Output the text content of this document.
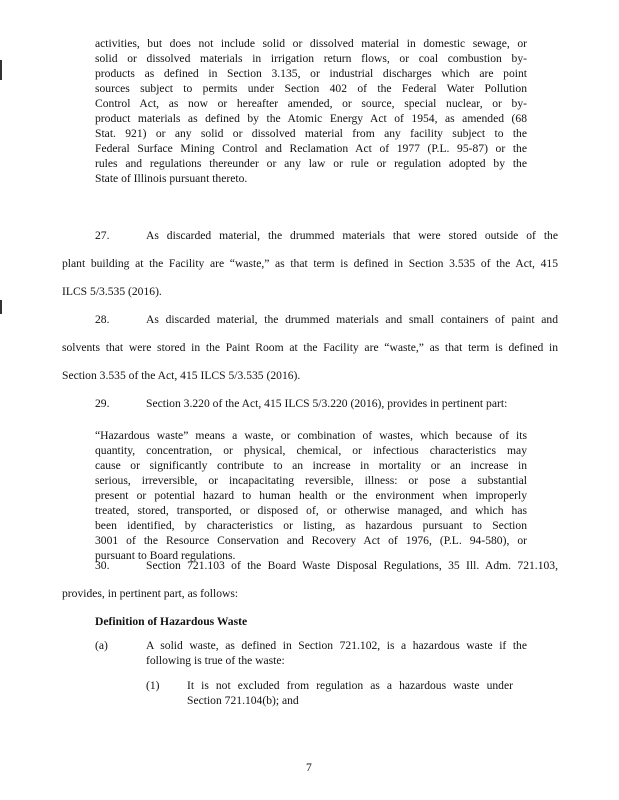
activities, but does not include solid or dissolved material in domestic sewage, or
solid or dissolved materials in irrigation return flows, or coal combustion by-
products as defined in Section 3.135, or industrial discharges which are point
sources subject to permits under Section 402 of the Federal Water Pollution
Control Act, as now or hereafter amended, or source, special nuclear, or by-
product materials as defined by the Atomic Energy Act of 1954, as amended (68
Stat. 921) or any solid or dissolved material from any facility subject to the
Federal Surface Mining Control and Reclamation Act of 1977 (P.L. 95-87) or the
rules and regulations thereunder or any law or rule or regulation adopted by the
State of Illinois pursuant thereto.
27.	As discarded material, the drummed materials that were stored outside of the
plant building at the Facility are “waste,” as that term is defined in Section 3.535 of the Act, 415
ILCS 5/3.535 (2016).
28.	As discarded material, the drummed materials and small containers of paint and
solvents that were stored in the Paint Room at the Facility are “waste,” as that term is defined in
Section 3.535 of the Act, 415 ILCS 5/3.535 (2016).
29.	Section 3.220 of the Act, 415 ILCS 5/3.220 (2016), provides in pertinent part:
“Hazardous waste” means a waste, or combination of wastes, which because of its
quantity, concentration, or physical, chemical, or infectious characteristics may
cause or significantly contribute to an increase in mortality or an increase in
serious, irreversible, or incapacitating reversible, illness: or pose a substantial
present or potential hazard to human health or the environment when improperly
treated, stored, transported, or disposed of, or otherwise managed, and which has
been identified, by characteristics or listing, as hazardous pursuant to Section
3001 of the Resource Conservation and Recovery Act of 1976, (P.L. 94-580), or
pursuant to Board regulations.
30.	Section 721.103 of the Board Waste Disposal Regulations, 35 Ill. Adm. 721.103,
provides, in pertinent part, as follows:
Definition of Hazardous Waste
(a)	A solid waste, as defined in Section 721.102, is a hazardous waste if the
following is true of the waste:
(1) It is not excluded from regulation as a hazardous waste under
Section 721.104(b); and
7
